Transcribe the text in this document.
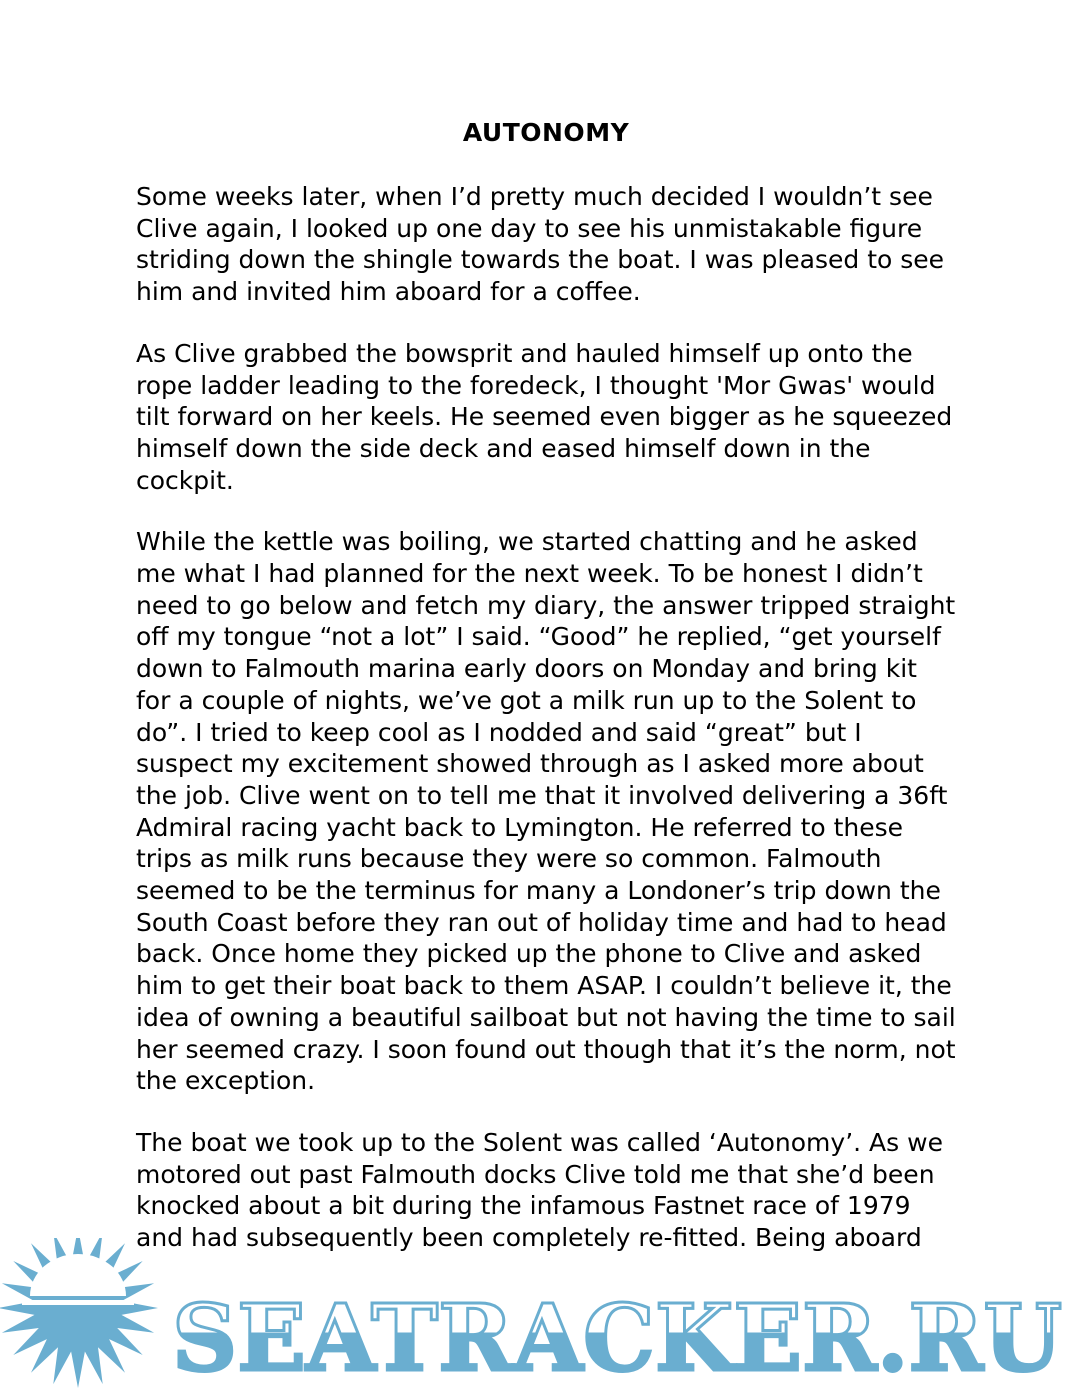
AUTONOMY
Some weeks later, when I’d pretty much decided I wouldn’t see
Clive again, I looked up one day to see his unmistakable figure
striding down the shingle towards the boat. I was pleased to see
him and invited him aboard for a coffee.
As Clive grabbed the bowsprit and hauled himself up onto the
rope ladder leading to the foredeck, I thought 'Mor Gwas' would
tilt forward on her keels. He seemed even bigger as he squeezed
himself down the side deck and eased himself down in the
cockpit.
While the kettle was boiling, we started chatting and he asked
me what I had planned for the next week. To be honest I didn’t
need to go below and fetch my diary, the answer tripped straight
off my tongue “not a lot” I said. “Good” he replied, “get yourself
down to Falmouth marina early doors on Monday and bring kit
for a couple of nights, we’ve got a milk run up to the Solent to
do”. I tried to keep cool as I nodded and said “great” but I
suspect my excitement showed through as I asked more about
the job. Clive went on to tell me that it involved delivering a 36ft
Admiral racing yacht back to Lymington. He referred to these
trips as milk runs because they were so common. Falmouth
seemed to be the terminus for many a Londoner’s trip down the
South Coast before they ran out of holiday time and had to head
back. Once home they picked up the phone to Clive and asked
him to get their boat back to them ASAP. I couldn’t believe it, the
idea of owning a beautiful sailboat but not having the time to sail
her seemed crazy. I soon found out though that it’s the norm, not
the exception.
The boat we took up to the Solent was called ‘Autonomy’. As we
motored out past Falmouth docks Clive told me that she’d been
knocked about a bit during the infamous Fastnet race of 1979
and had subsequently been completely re-fitted. Being aboard
SEATRACKER.RU
